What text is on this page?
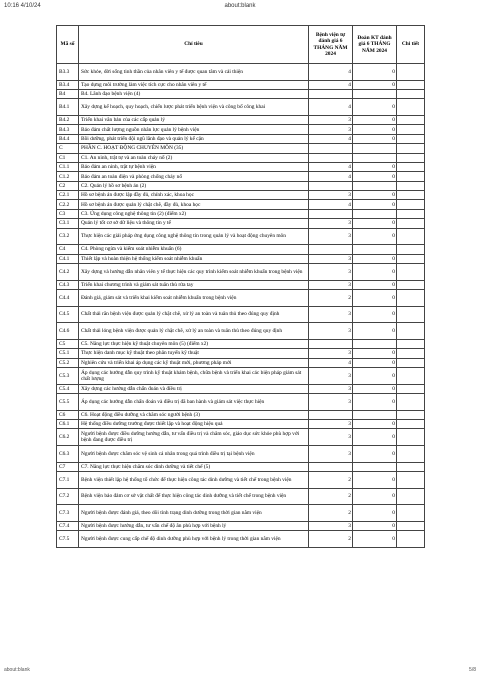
10:16 4/10/24	about:blank
Mã số	Chỉ tiêu	Bệnh viện tự đánh giá 6 THÁNG NĂM 2024	Đoàn KT đánh giá 6 THÁNG NĂM 2024	Chi tiết
B3.3	Sức khỏe, đời sống tinh thần của nhân viên y tế được quan tâm và cải thiện	4	0	
B3.4	Tạo dựng môi trường làm việc tích cực cho nhân viên y tế	4	0	
B4	B4. Lãnh đạo bệnh viện (4)			
B4.1	Xây dựng kế hoạch, quy hoạch, chiến lược phát triển bệnh viện và công bố công khai	4	0	
B4.2	Triển khai văn bản của các cấp quản lý	3	0	
B4.3	Bảo đảm chất lượng nguồn nhân lực quản lý bệnh viện	3	0	
B4.4	Bồi dưỡng, phát triển đội ngũ lãnh đạo và quản lý kế cận	4	0	
C	PHẦN C. HOẠT ĐỘNG CHUYÊN MÔN (35)			
C1	C1. An ninh, trật tự và an toàn cháy nổ (2)			
C1.1	Bảo đảm an ninh, trật tự bệnh viện	4	0	
C1.2	Bảo đảm an toàn điện và phòng chống cháy nổ	4	0	
C2	C2. Quản lý hồ sơ bệnh án (2)			
C2.1	Hồ sơ bệnh án được lập đầy đủ, chính xác, khoa học	3	0	
C2.2	Hồ sơ bệnh án được quản lý chặt chẽ, đầy đủ, khoa học	4	0	
C3	C3. Ứng dụng công nghệ thông tin (2) (điểm x2)			
C3.1	Quản lý tốt cơ sở dữ liệu và thông tin y tế	3	0	
C3.2	Thực hiện các giải pháp ứng dụng công nghệ thông tin trong quản lý và hoạt động chuyên môn	3	0	
C4	C4. Phòng ngừa và kiểm soát nhiễm khuẩn (6)			
C4.1	Thiết lập và hoàn thiện hệ thống kiểm soát nhiễm khuẩn	3	0	
C4.2	Xây dựng và hướng dẫn nhân viên y tế thực hiện các quy trình kiểm soát nhiễm khuẩn trong bệnh viện	3	0	
C4.3	Triển khai chương trình và giám sát tuân thủ rửa tay	3	0	
C4.4	Đánh giá, giám sát và triển khai kiểm soát nhiễm khuẩn trong bệnh viện	2	0	
C4.5	Chất thải rắn bệnh viện được quản lý chặt chẽ, xử lý an toàn và tuân thủ theo đúng quy định	3	0	
C4.6	Chất thải lỏng bệnh viện được quản lý chặt chẽ, xử lý an toàn và tuân thủ theo đúng quy định	3	0	
C5	C5. Năng lực thực hiện kỹ thuật chuyên môn (5) (điểm x2)			
C5.1	Thực hiện danh mục kỹ thuật theo phân tuyến kỹ thuật	3	0	
C5.2	Nghiên cứu và triển khai áp dụng các kỹ thuật mới, phương pháp mới	4	0	
C5.3	Áp dụng các hướng dẫn quy trình kỹ thuật khám bệnh, chữa bệnh và triển khai các biện pháp giám sát chất lượng	3	0	
C5.4	Xây dựng các hướng dẫn chẩn đoán và điều trị	3	0	
C5.5	Áp dụng các hướng dẫn chẩn đoán và điều trị đã ban hành và giám sát việc thực hiện	3	0	
C6	C6. Hoạt động điều dưỡng và chăm sóc người bệnh (3)			
C6.1	Hệ thống điều dưỡng trưởng được thiết lập và hoạt động hiệu quả	3	0	
C6.2	Người bệnh được điều dưỡng hướng dẫn, tư vấn điều trị và chăm sóc, giáo dục sức khỏe phù hợp với bệnh đang được điều trị	3	0	
C6.3	Người bệnh được chăm sóc vệ sinh cá nhân trong quá trình điều trị tại bệnh viện	3	0	
C7	C7. Năng lực thực hiện chăm sóc dinh dưỡng và tiết chế (5)			
C7.1	Bệnh viện thiết lập hệ thống tổ chức để thực hiện công tác dinh dưỡng và tiết chế trong bệnh viện	2	0	
C7.2	Bệnh viện bảo đảm cơ sở vật chất để thực hiện công tác dinh dưỡng và tiết chế trong bệnh viện	2	0	
C7.3	Người bệnh được đánh giá, theo dõi tình trạng dinh dưỡng trong thời gian nằm viện	2	0	
C7.4	Người bệnh được hướng dẫn, tư vấn chế độ ăn phù hợp với bệnh lý	3	0	
C7.5	Người bệnh được cung cấp chế độ dinh dưỡng phù hợp với bệnh lý trong thời gian nằm viện	2	0	
about:blank	5/8
